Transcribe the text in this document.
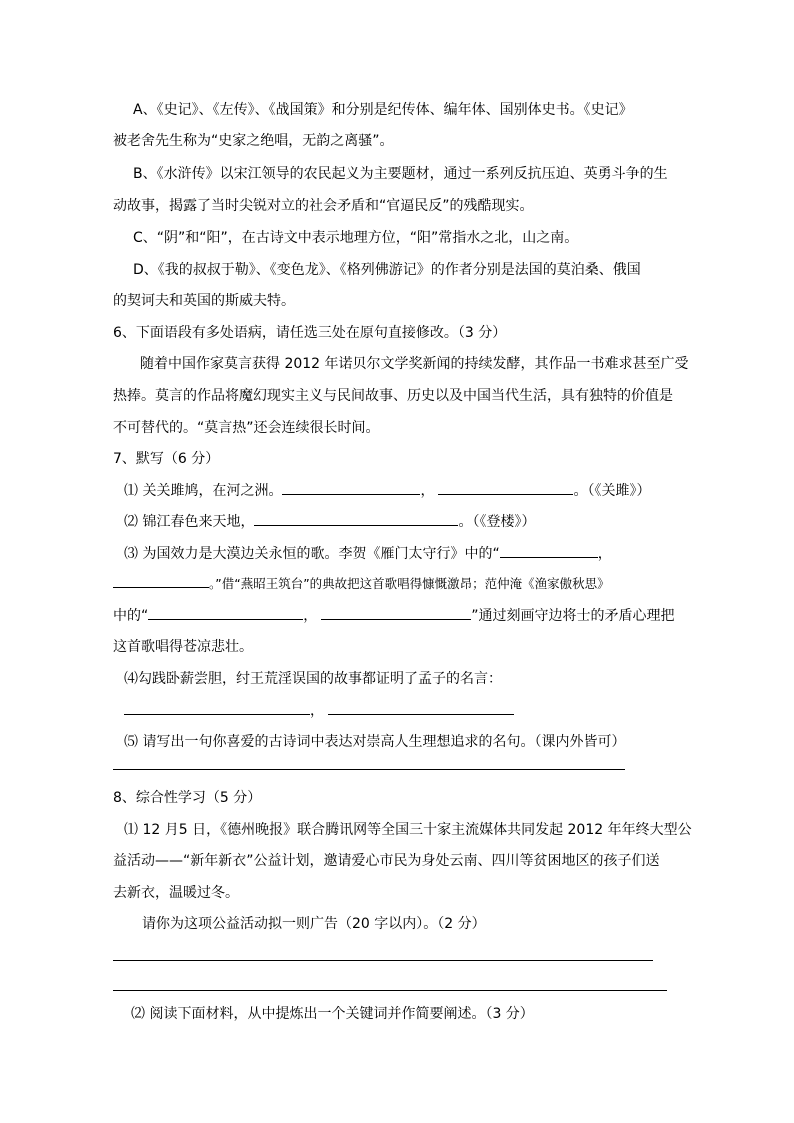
A、《史记》、《左传》、《战国策》和分别是纪传体、编年体、国别体史书。《史记》
被老舍先生称为“史家之绝唱，无韵之离骚”。
B、《水浒传》以宋江领导的农民起义为主要题材，通过一系列反抗压迫、英勇斗争的生
动故事，揭露了当时尖锐对立的社会矛盾和“官逼民反”的残酷现实。
C、“阴”和“阳”，在古诗文中表示地理方位，“阳”常指水之北，山之南。
D、《我的叔叔于勒》、《变色龙》、《格列佛游记》的作者分别是法国的莫泊桑、俄国
的契诃夫和英国的斯威夫特。
6、下面语段有多处语病，请任选三处在原句直接修改。（3 分）
随着中国作家莫言获得 2012 年诺贝尔文学奖新闻的持续发酵，其作品一书难求甚至广受
热捧。莫言的作品将魔幻现实主义与民间故事、历史以及中国当代生活，具有独特的价值是
不可替代的。“莫言热”还会连续很长时间。
7、默写（6 分）
⑴ 关关雎鸠，在河之洲。	，	。（《关雎》）
⑵ 锦江春色来天地，	。（《登楼》）
⑶ 为国效力是大漠边关永恒的歌。李贺《雁门太守行》中的“	，
。”借“燕昭王筑台”的典故把这首歌唱得慷慨激昂；范仲淹《渔家傲秋思》
中的“	，	”通过刻画守边将士的矛盾心理把
这首歌唱得苍凉悲壮。
⑷勾践卧薪尝胆，纣王荒淫误国的故事都证明了孟子的名言：
，
⑸ 请写出一句你喜爱的古诗词中表达对崇高人生理想追求的名句。（课内外皆可）
8、综合性学习（5 分）
⑴ 12 月5 日，《德州晚报》联合腾讯网等全国三十家主流媒体共同发起 2012 年年终大型公
益活动——“新年新衣”公益计划，邀请爱心市民为身处云南、四川等贫困地区的孩子们送
去新衣，温暖过冬。
请你为这项公益活动拟一则广告（20 字以内）。（2 分）
⑵ 阅读下面材料，从中提炼出一个关键词并作简要阐述。（3 分）
